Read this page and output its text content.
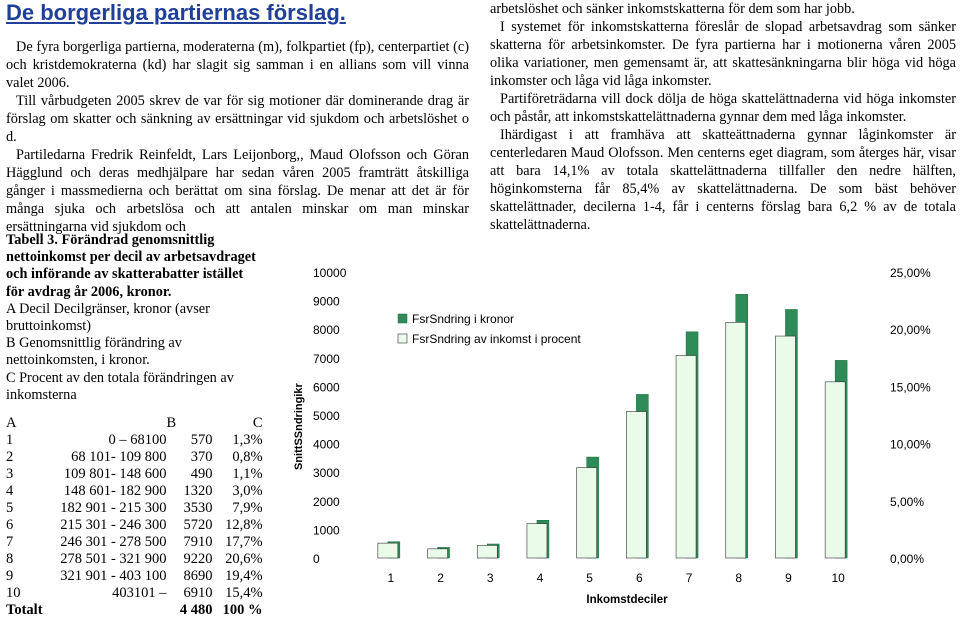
De borgerliga partiernas förslag.

De fyra borgerliga partierna, moderaterna (m), folkpartiet (fp), centerpartiet (c) och kristdemokraterna (kd) har slagit sig samman i en allians som vill vinna valet 2006.

Till vårbudgeten 2005 skrev de var för sig motioner där dominerande drag är förslag om skatter och sänkning av ersättningar vid sjukdom och arbetslöshet o d.

Partiledarna Fredrik Reinfeldt, Lars Leijonborg,, Maud Olofsson och Göran Hägglund och deras medhjälpare har sedan våren 2005 framträtt åtskilliga gånger i massmedierna och berättat om sina förslag. De menar att det är för många sjuka och arbetslösa och att antalen minskar om man minskar ersättningarna vid sjukdom och

arbetslöshet och sänker inkomstskatterna för dem som har jobb.

I systemet för inkomstskatterna föreslår de slopad arbetsavdrag som sänker skatterna för arbetsinkomster. De fyra partierna har i motionerna våren 2005 olika variationer, men gemensamt är, att skattesänkningarna blir höga vid höga inkomster och låga vid låga inkomster.

Partiföreträdarna vill dock dölja de höga skattelättnaderna vid höga inkomster och påstår, att inkomstskattelättnaderna gynnar dem med låga inkomster.

Ihärdigast i att framhäva att skatteättnaderna gynnar låginkomster är centerledaren Maud Olofsson. Men centerns eget diagram, som återges här, visar att bara 14,1% av totala skattelättnaderna tillfaller den nedre hälften, höginkomsterna får 85,4% av skattelättnaderna. De som bäst behöver skattelättnader, decilerna 1-4, får i centerns förslag bara 6,2 % av de totala skattelättnaderna.

Tabell 3. Förändrad genomsnittlig nettoinkomst per decil av arbetsavdraget och införande av skatterabatter istället för avdrag år 2006, kronor.
A Decil Decilgränser, kronor (avser bruttoinkomst)
B Genomsnittlig förändring av nettoinkomsten, i kronor.
C Procent av den totala förändringen av inkomsterna
A		B	C
1	0 – 68100	570	1,3%
2	68 101- 109 800	370	0,8%
3	109 801- 148 600	490	1,1%
4	148 601- 182 900	1320	3,0%
5	182 901 - 215 300	3530	7,9%
6	215 301 - 246 300	5720	12,8%
7	246 301 - 278 500	7910	17,7%
8	278 501 - 321 900	9220	20,6%
9	321 901 - 403 100	8690	19,4%
10	403101 –	6910	15,4%
Totalt		4 480	100 %
0
1000
2000
3000
4000
5000
6000
7000
8000
9000
10000
0,00%
5,00%
10,00%
15,00%
20,00%
25,00%
SnittSSndringikr
1	2	3	4	5	6	7	8	9	10
Inkomstdeciler
FsrSndring i kronor
FsrSndring av inkomst i procent
